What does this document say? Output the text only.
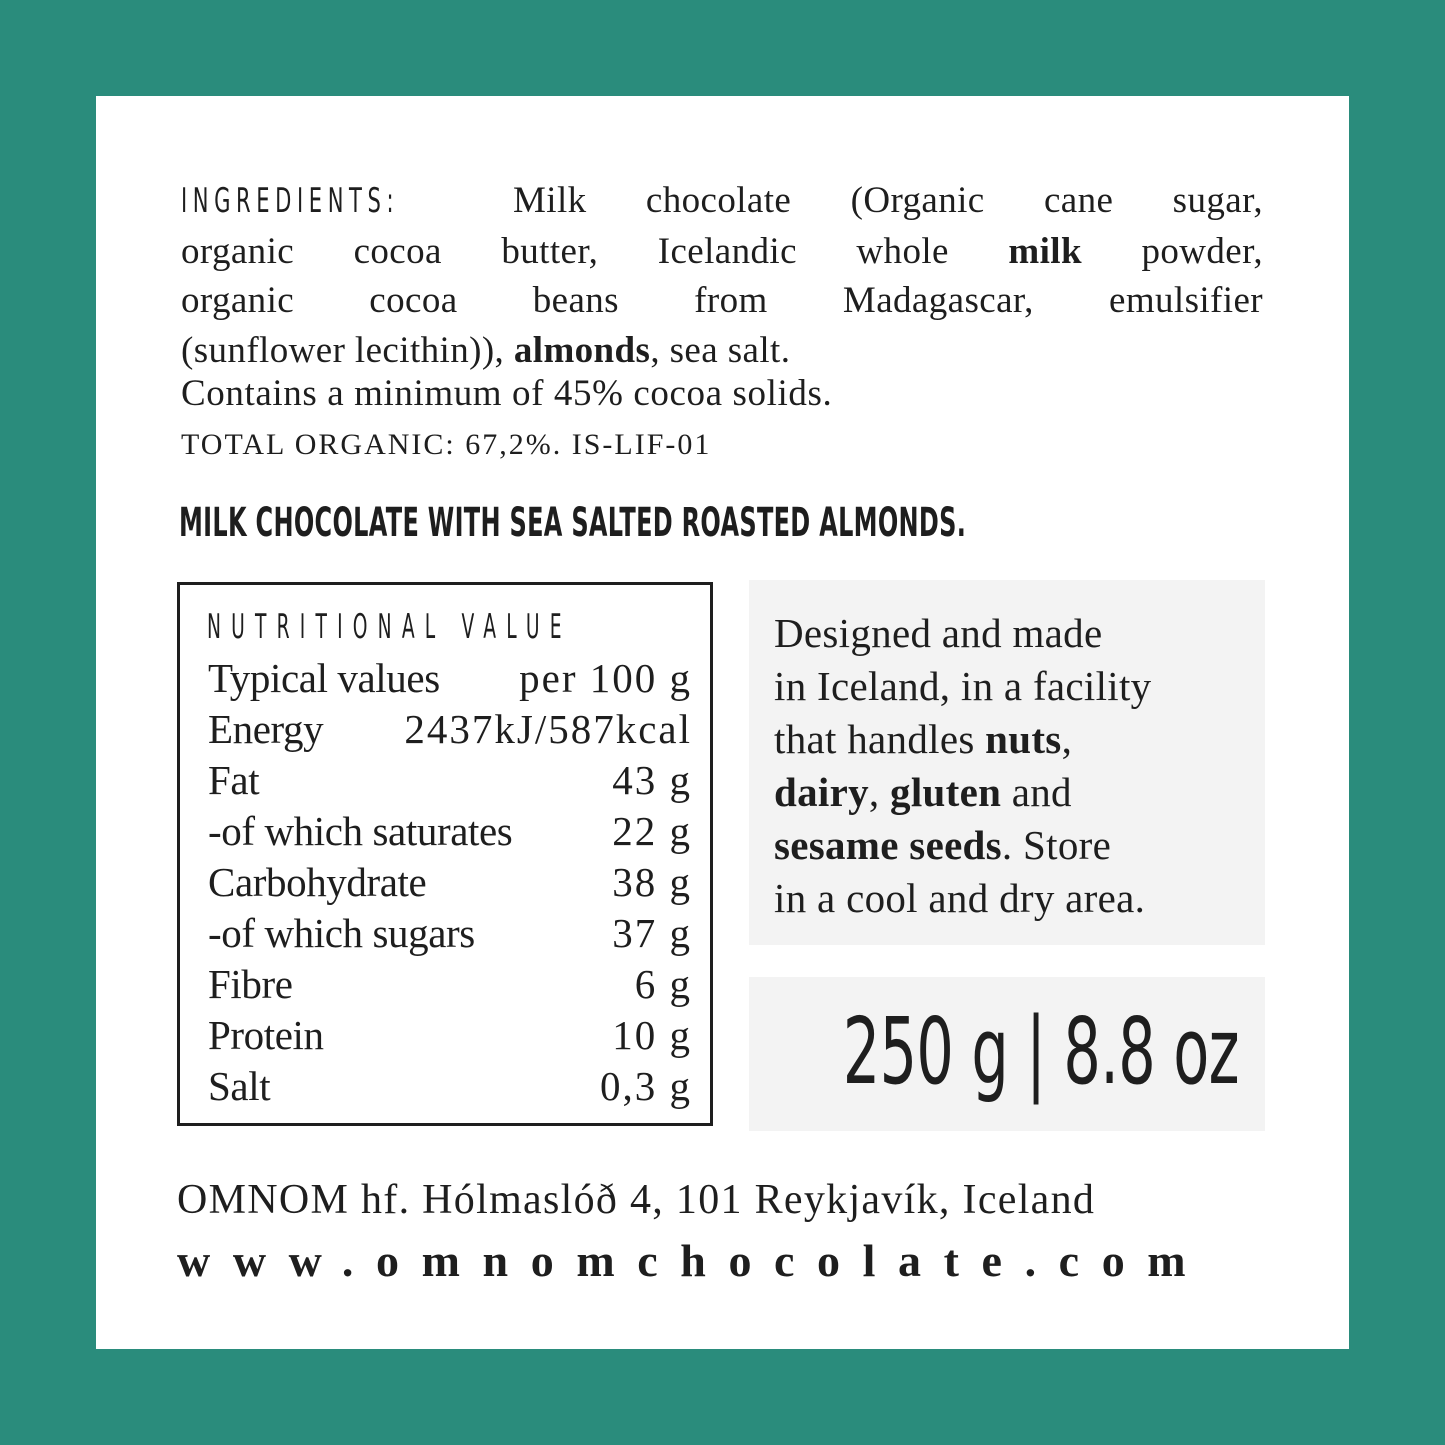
INGREDIENTS:	Milk chocolate (Organic cane sugar,
organic cocoa butter, Icelandic whole milk powder,
organic cocoa beans from Madagascar, emulsifier
(sunflower lecithin)), almonds, sea salt.
Contains a minimum of 45% cocoa solids.
TOTAL ORGANIC: 67,2%. IS-LIF-01
MILK CHOCOLATE WITH SEA SALTED ROASTED ALMONDS.
NUTRITIONAL VALUE
Typical values per 100 g
Energy 2437kJ/587kcal
Fat	43 g
-of which saturates 22 g
Carbohydrate	38 g
-of which sugars	37 g
Fibre	6 g
Protein	10 g
Salt	0,3 g
Designed and made
in Iceland, in a facility
that handles nuts,
dairy, gluten and
sesame seeds. Store
in a cool and dry area.
250 g | 8.8 oz
OMNOM hf. Hólmaslóð 4, 101 Reykjavík, Iceland
www.omnomchocolate.com
